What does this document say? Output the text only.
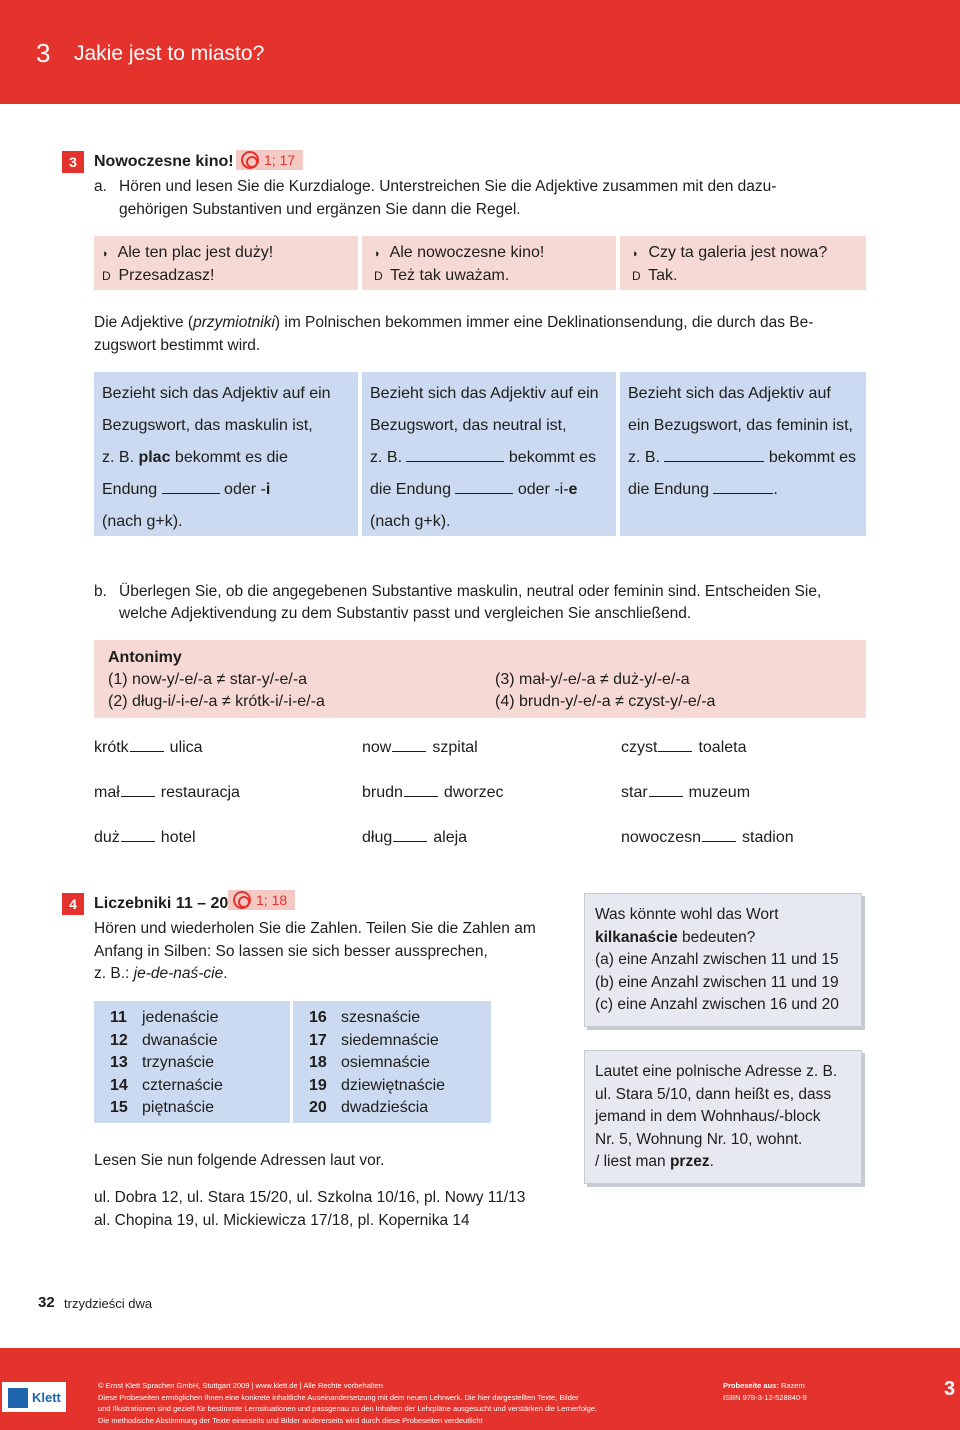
3 Jakie jest to miasto?
3	Nowoczesne kino!	1; 17
a. Hören und lesen Sie die Kurzdialoge. Unterstreichen Sie die Adjektive zusammen mit den dazu-
gehörigen Substantiven und ergänzen Sie dann die Regel.
◗ Ale ten plac jest duży!
D Przesadzasz!
◗ Ale nowoczesne kino!
D Też tak uważam.
◗ Czy ta galeria jest nowa?
D Tak.
Die Adjektive (przymiotniki) im Polnischen bekommen immer eine Deklinationsendung, die durch das Be-
zugswort bestimmt wird.
Bezieht sich das Adjektiv auf ein
Bezugswort, das maskulin ist,
z. B. plac bekommt es die
Endung	oder -i
(nach g+k).
Bezieht sich das Adjektiv auf ein
Bezugswort, das neutral ist,
z. B.	bekommt es
die Endung	oder -i-e
(nach g+k).
Bezieht sich das Adjektiv auf
ein Bezugswort, das feminin ist,
z. B.	bekommt es
die Endung	.
b. Überlegen Sie, ob die angegebenen Substantive maskulin, neutral oder feminin sind. Entscheiden Sie,
welche Adjektivendung zu dem Substantiv passt und vergleichen Sie anschließend.
Antonimy
(1) now-y/-e/-a ≠ star-y/-e/-a
(2) dług-i/-i-e/-a ≠ krótk-i/-i-e/-a
(3) mał-y/-e/-a ≠ duż-y/-e/-a
(4) brudn-y/-e/-a ≠ czyst-y/-e/-a
krótk	ulica	now	szpital	czyst	toaleta
mał	restauracja	brudn	dworzec	star	muzeum
duż	hotel	dług	aleja	nowoczesn	stadion
4	Liczebniki 11 – 20	1; 18
Hören und wiederholen Sie die Zahlen. Teilen Sie die Zahlen am
Anfang in Silben: So lassen sie sich besser aussprechen,
z. B.: je-de-naś-cie.
11 jedenaście
12 dwanaście
13 trzynaście
14 czternaście
15 piętnaście
16 szesnaście
17 siedemnaście
18 osiemnaście
19 dziewiętnaście
20 dwadzieścia
Lesen Sie nun folgende Adressen laut vor.
ul. Dobra 12, ul. Stara 15/20, ul. Szkolna 10/16, pl. Nowy 11/13
al. Chopina 19, ul. Mickiewicza 17/18, pl. Kopernika 14
Was könnte wohl das Wort
kilkanaście bedeuten?
(a) eine Anzahl zwischen 11 und 15
(b) eine Anzahl zwischen 11 und 19
(c) eine Anzahl zwischen 16 und 20
Lautet eine polnische Adresse z. B.
ul. Stara 5/10, dann heißt es, dass
jemand in dem Wohnhaus/-block
Nr. 5, Wohnung Nr. 10, wohnt.
/ liest man przez.
32 trzydzieści dwa
Klett
© Ernst Klett Sprachen GmbH, Stuttgart 2009 | www.klett.de | Alle Rechte vorbehalten
Diese Probeseiten ermöglichen Ihnen eine konkrete inhaltliche Auseinandersetzung mit dem neuen Lehrwerk. Die hier dargestellten Texte, Bilder
und Illustrationen sind gezielt für bestimmte Lernsituationen und passgenau zu den Inhalten der Lehrpläne ausgesucht und verstärken die Lernerfolge.
Die methodische Abstimmung der Texte einerseits und Bilder andererseits wird durch diese Probeseiten verdeutlicht
Probeseite aus: Razem
ISBN 978-3-12-528840-9	3
